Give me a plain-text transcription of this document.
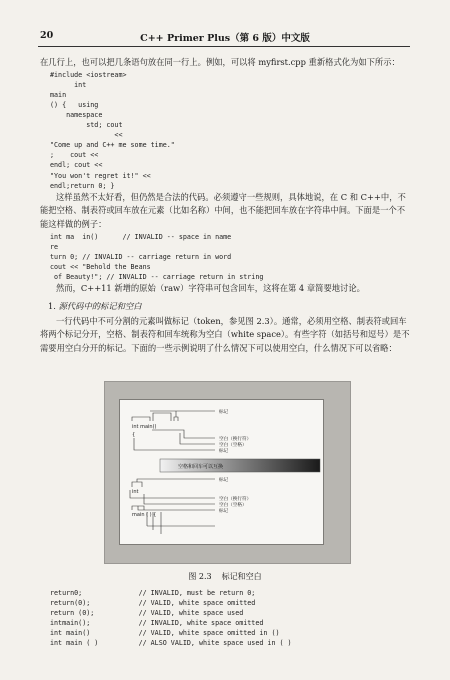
20	C++ Primer Plus（第 6 版）中文版

在几行上，也可以把几条语句放在同一行上。例如，可以将 myfirst.cpp 重新格式化为如下所示：

#include <iostream>
int
main
() {   using
namespace
std; cout
<<
"Come up and C++ me some time."
;    cout <<
endl; cout <<
"You won't regret it!" <<
endl;return 0; }

这样虽然不太好看，但仍然是合法的代码。必须遵守一些规则，具体地说，在 C 和 C++中，不能把空格、制表符或回车放在元素（比如名称）中间，也不能把回车放在字符串中间。下面是一个不能这样做的例子：

int ma  in()      // INVALID -- space in name
re
turn 0; // INVALID -- carriage return in word
cout << "Behold the Beans
of Beauty!"; // INVALID -- carriage return in string

然而，C++11 新增的原始（raw）字符串可包含回车，这将在第 4 章简要地讨论。

1. 源代码中的标记和空白

一行代码中不可分割的元素叫做标记（token，参见图 2.3）。通常，必须用空格、制表符或回车将两个标记分开，空格、制表符和回车统称为空白（white space）。有些字符（如括号和逗号）是不需要用空白分开的标记。下面的一些示例说明了什么情况下可以使用空白，什么情况下可以省略：

int main()
{
标记
空白（换行符）
空白（空格）
标记
空格和回车可以互换
int
main ( ) {
标记
空白（换行符）
空白（空格）
标记
图 2.3 标记和空白
return0;              // INVALID, must be return 0;
return(0);            // VALID, white space omitted
return (0);           // VALID, white space used
intmain();            // INVALID, white space omitted
int main()            // VALID, white space omitted in ()
int main ( )          // ALSO VALID, white space used in ( )
